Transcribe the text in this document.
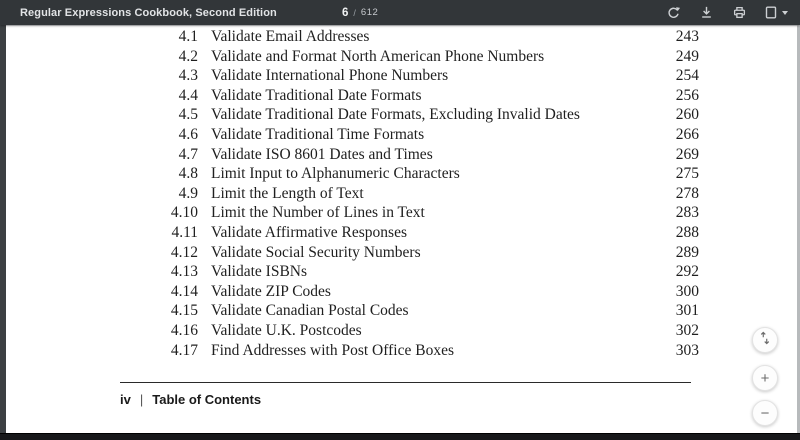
Regular Expressions Cookbook, Second Edition	6 / 612
4.1 Validate Email Addresses	243
4.2 Validate and Format North American Phone Numbers	249
4.3 Validate International Phone Numbers	254
4.4 Validate Traditional Date Formats	256
4.5 Validate Traditional Date Formats, Excluding Invalid Dates	260
4.6 Validate Traditional Time Formats	266
4.7 Validate ISO 8601 Dates and Times	269
4.8 Limit Input to Alphanumeric Characters	275
4.9 Limit the Length of Text	278
4.10 Limit the Number of Lines in Text	283
4.11 Validate Affirmative Responses	288
4.12 Validate Social Security Numbers	289
4.13 Validate ISBNs	292
4.14 Validate ZIP Codes	300
4.15 Validate Canadian Postal Codes	301
4.16 Validate U.K. Postcodes	302
4.17 Find Addresses with Post Office Boxes	303
iv | Table of Contents
+
−
